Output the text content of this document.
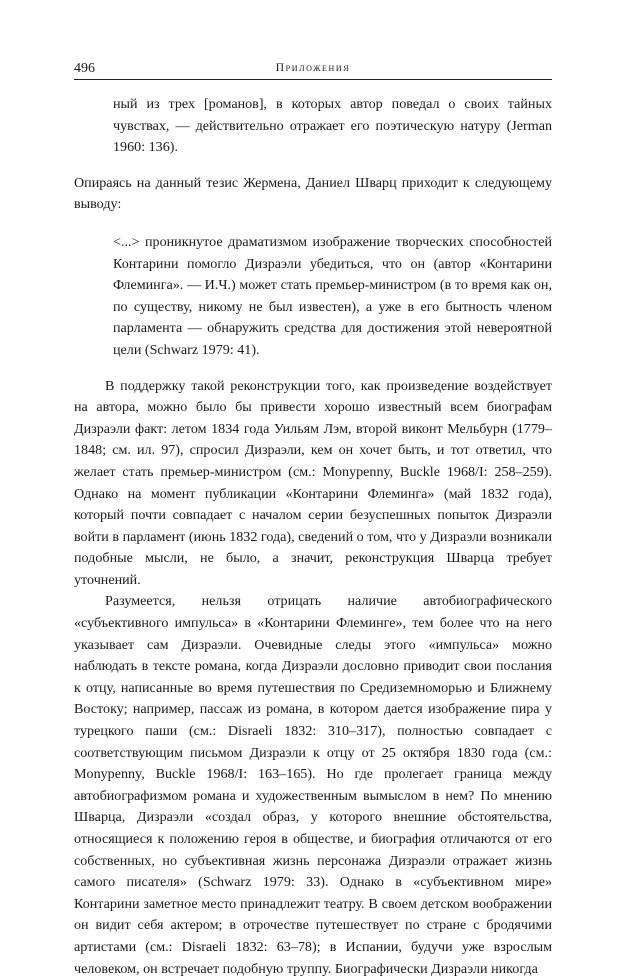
496	Приложения

ный из трех [романов], в которых автор поведал о своих тайных чувствах, — действительно отражает его поэтическую натуру (Jerman 1960: 136).

Опираясь на данный тезис Жермена, Даниел Шварц приходит к следующему выводу:

<...> проникнутое драматизмом изображение творческих способностей Контарини помогло Дизраэли убедиться, что он (автор «Контарини Флеминга». — И.Ч.) может стать премьер-министром (в то время как он, по существу, никому не был известен), а уже в его бытность членом парламента — обнаружить средства для достижения этой невероятной цели (Schwarz 1979: 41).

В поддержку такой реконструкции того, как произведение воздействует на автора, можно было бы привести хорошо известный всем биографам Дизраэли факт: летом 1834 года Уильям Лэм, второй виконт Мельбурн (1779–1848; см. ил. 97), спросил Дизраэли, кем он хочет быть, и тот ответил, что желает стать премьер-министром (см.: Monypenny, Buckle 1968/I: 258–259). Однако на момент публикации «Контарини Флеминга» (май 1832 года), который почти совпадает с началом серии безуспешных попыток Дизраэли войти в парламент (июнь 1832 года), сведений о том, что у Дизраэли возникали подобные мысли, не было, а значит, реконструкция Шварца требует уточнений.

Разумеется, нельзя отрицать наличие автобиографического «субъективного импульса» в «Контарини Флеминге», тем более что на него указывает сам Дизраэли. Очевидные следы этого «импульса» можно наблюдать в тексте романа, когда Дизраэли дословно приводит свои послания к отцу, написанные во время путешествия по Средиземноморью и Ближнему Востоку; например, пассаж из романа, в котором дается изображение пира у турецкого паши (см.: Disraeli 1832: 310–317), полностью совпадает с соответствующим письмом Дизраэли к отцу от 25 октября 1830 года (см.: Monypenny, Buckle 1968/I: 163–165). Но где пролегает граница между автобиографизмом романа и художественным вымыслом в нем? По мнению Шварца, Дизраэли «создал образ, у которого внешние обстоятельства, относящиеся к положению героя в обществе, и биография отличаются от его собственных, но субъективная жизнь персонажа Дизраэли отражает жизнь самого писателя» (Schwarz 1979: 33). Однако в «субъективном мире» Контарини заметное место принадлежит театру. В своем детском воображении он видит себя актером; в отрочестве путешествует по стране с бродячими артистами (см.: Disraeli 1832: 63–78); в Испании, будучи уже взрослым человеком, он встречает подобную труппу. Биографически Дизраэли никогда
